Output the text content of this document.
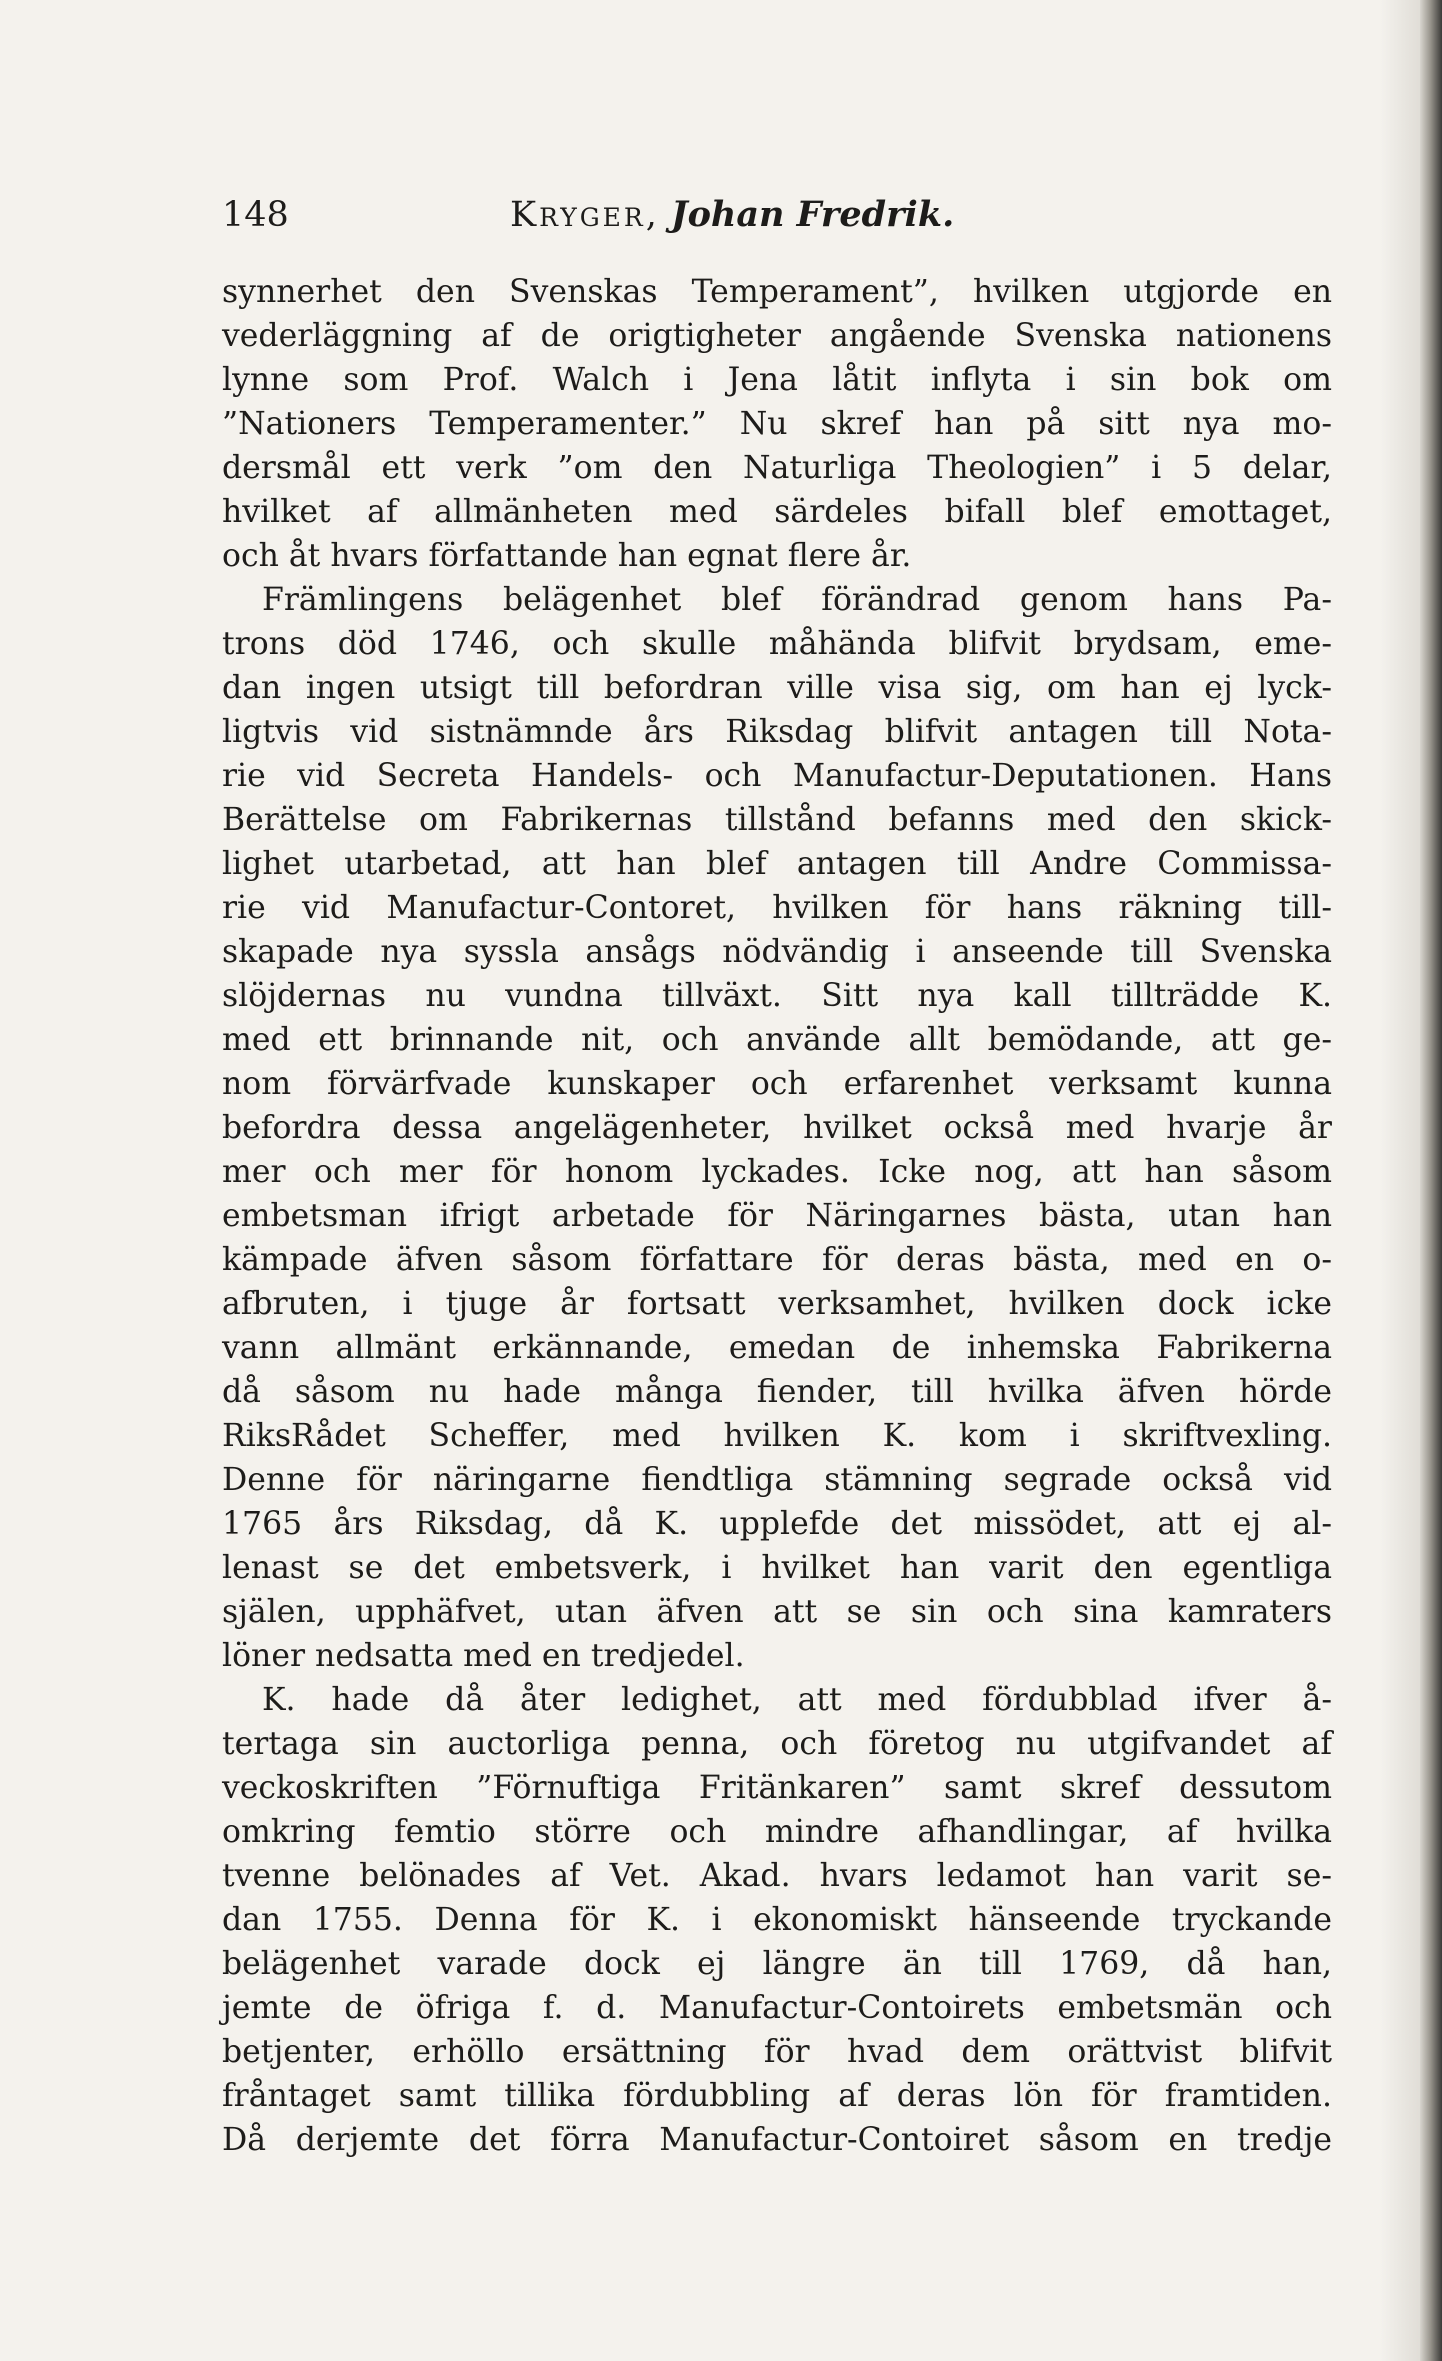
148	Kryger, Johan Fredrik.
synnerhet den Svenskas Temperament”, hvilken utgjorde en
vederläggning af de origtigheter angående Svenska nationens
lynne som Prof. Walch i Jena låtit inflyta i sin bok om
”Nationers Temperamenter.” Nu skref han på sitt nya mo-
dersmål ett verk ”om den Naturliga Theologien” i 5 delar,
hvilket af allmänheten med särdeles bifall blef emottaget,
och åt hvars författande han egnat flere år.
Främlingens belägenhet blef förändrad genom hans Pa-
trons död 1746, och skulle måhända blifvit brydsam, eme-
dan ingen utsigt till befordran ville visa sig, om han ej lyck-
ligtvis vid sistnämnde års Riksdag blifvit antagen till Nota-
rie vid Secreta Handels- och Manufactur-Deputationen. Hans
Berättelse om Fabrikernas tillstånd befanns med den skick-
lighet utarbetad, att han blef antagen till Andre Commissa-
rie vid Manufactur-Contoret, hvilken för hans räkning till-
skapade nya syssla ansågs nödvändig i anseende till Svenska
slöjdernas nu vundna tillväxt. Sitt nya kall tillträdde K.
med ett brinnande nit, och använde allt bemödande, att ge-
nom förvärfvade kunskaper och erfarenhet verksamt kunna
befordra dessa angelägenheter, hvilket också med hvarje år
mer och mer för honom lyckades. Icke nog, att han såsom
embetsman ifrigt arbetade för Näringarnes bästa, utan han
kämpade äfven såsom författare för deras bästa, med en o-
afbruten, i tjuge år fortsatt verksamhet, hvilken dock icke
vann allmänt erkännande, emedan de inhemska Fabrikerna
då såsom nu hade många fiender, till hvilka äfven hörde
RiksRådet Scheffer, med hvilken K. kom i skriftvexling.
Denne för näringarne fiendtliga stämning segrade också vid
1765 års Riksdag, då K. upplefde det missödet, att ej al-
lenast se det embetsverk, i hvilket han varit den egentliga
själen, upphäfvet, utan äfven att se sin och sina kamraters
löner nedsatta med en tredjedel.
K. hade då åter ledighet, att med fördubblad ifver å-
tertaga sin auctorliga penna, och företog nu utgifvandet af
veckoskriften ”Förnuftiga Fritänkaren” samt skref dessutom
omkring femtio större och mindre afhandlingar, af hvilka
tvenne belönades af Vet. Akad. hvars ledamot han varit se-
dan 1755. Denna för K. i ekonomiskt hänseende tryckande
belägenhet varade dock ej längre än till 1769, då han,
jemte de öfriga f. d. Manufactur-Contoirets embetsmän och
betjenter, erhöllo ersättning för hvad dem orättvist blifvit
fråntaget samt tillika fördubbling af deras lön för framtiden.
Då derjemte det förra Manufactur-Contoiret såsom en tredje
